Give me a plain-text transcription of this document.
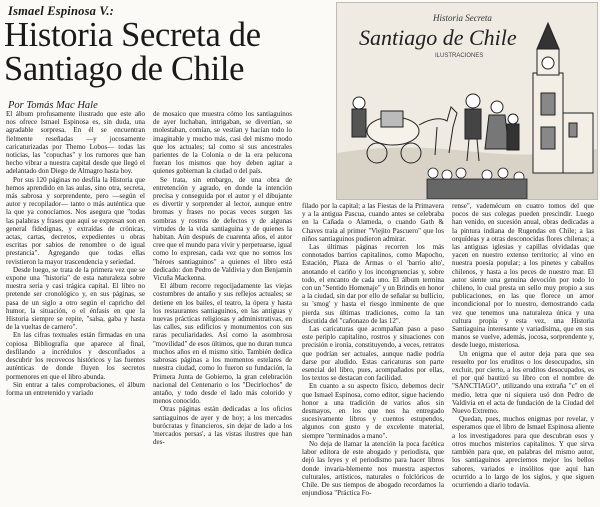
Ismael Espinosa V.:
Historia Secreta de Santiago de Chile
Por Tomás Mac Hale
Historia Secreta
Santiago de Chile
ILUSTRACIONES

El álbum profusamente ilustrado que este año nos ofrece Ismael Espinosa es, sin duda, una agradable sorpresa. En él se encuentran fielmente reseñadas —y jocosamente caricaturizadas por Themo Lobos— todas las noticias, las "copuchas" y los rumores que han hecho vibrar a nuestra capital desde que llegó el adelantado don Diego de Almagro hasta hoy.

Por sus 120 páginas no desfila la Historia que hemos aprendido en las aulas, sino otra, secreta, más sabrosa y sorprendente, pero —según el autor y recopilador— tanto o más auténtica que la que ya conocíamos. Nos asegura que "todas las palabras y frases que aquí se expresan son en general fidedignas, y extraídas de crónicas, actas, cartas, decretos, expedientes u obras escritas por sabios de renombre o de igual prestancia". Agregando que todas ellas revistieron la mayor trascendencia y seriedad.

Desde luego, se trata de la primera vez que se expone una "historia" de esta naturaleza sobre nuestra seria y casi trágica capital. El libro no pretende ser cronológico y, en sus páginas, se pasa de un siglo a otro según el capricho del humor, la situación, o el énfasis en que la Historia siempre se repite, "salsa, gaba y hasta de la vueltas de carnero".

En las cifras textuales están firmadas en una copiosa Bibliografía que aparece al final, desfilando a incrédulos y desconfiados a descubrir los recovecos históricos y las fuentes auténticas de donde fluyen los secretos pormenores en que el libro abunda.

Sin entrar a tales comprobaciones, el álbum forma un entretenido y variado

de mosaico que muestra cómo los santiaguinos de ayer luchaban, intrigaban, se divertían, se molestaban, comían, se vestían y hacían todo lo imaginable y mucho más, casi del mismo modo que los actuales; tal como si sus ancestrales parientes de la Colonia o de la era pelucona fueran los mismos que hoy deben agitar a quienes gobiernan la ciudad o del país.

Se trata, sin embargo, de una obra de entretención y agrado, en donde la intención precisa y conseguida por el autor y el dibujante es divertir y sorprender al lector, aunque entre bromas y frases no pocas veces surgen las sombras y rostros de defectos y de algunas virtudes de la vida santiaguina y de quienes la habitan. Aún después de cuarenta años, el autor cree que el mundo para vivir y perpetuarse, igual como lo expresan, cada vez que no somos los "héroes santiaguinos" a quienes el libro está dedicado: don Pedro de Valdivia y don Benjamín Vicuña Mackenna.

El álbum recorre regocijadamente las viejas costumbres de antaño y sus reflejos actuales; se detiene en los bailes, el teatro, la ópera y hasta los restaurantes santiaguinos, en las antiguas y nuevas prácticas religiosas y administrativas, en las calles, sus edificios y monumentos con sus raras peculiaridades. Así como la asombrosa "movilidad" de esos últimos, que no duran nunca muchos años en el mismo sitio. También dedica sabrosas páginas a los momentos estelares de nuestra ciudad, como lo fueron su fundación, la Primera Junta de Gobierno, la gran celebración nacional del Centenario o los "Decirlochos" de antaño, y todo desde el lado más colorido y menos conocido.

Otras páginas están dedicadas a los oficios santiaguinos de ayer y de hoy; a los mercados burócratas y financieros, sin dejar de lado a los 'mercados persas', a las vistas ilustres que han des-

filado por la capital; a las Fiestas de la Primavera y a la antigua Pascua, cuando antes se celebraba en la Cañada o Alameda, o cuando Gath & Chaves traía al primer "Viejito Pascuero" que los niños santiaguinos pudieron admirar.

Las últimas páginas recorren los más connotados barrios capitalinos, como Mapocho, Estación, Plaza de Armas o el 'barrio alto', anotando el cariño y los incongruencias y, sobre todo, el encanto de cada uno. El álbum termina con un "Sentido Homenaje" y un Brindis en honor a la ciudad, sin dar por ello de señalar su bullicio, su 'smog' y hasta el riesgo inminente de que pierda sus últimas tradiciones, como la tan discutida del "cañonazo de las 12".

Las caricaturas que acompañan paso a paso este periplo capitalino, rostros y situaciones con precisión e ironía, constituyendo, a veces, retratos que podrían ser actuales, aunque nadie podría darse por aludido. Estas caricaturas son parte esencial del libro, pues, acompañados por ellas, los textos se destacan con facilidad.

En cuanto a su aspecto físico, debemos decir que Ismael Espinosa, como editor, sigue haciendo honor a una tradición de varios años sin desmayos, en los que nos ha entregado sucesivamente libros y cuentos estupendos, algunos con gusto y de excelente material, siempre "terminados a mano".

No deja de llamar la atención la poca facética labor editora de este abogado y periodista, que dejó las leyes y el periodismo para hacer libros donde invaria-blemente nos muestra aspectos culturales, artísticos, naturales o folclóricos de Chile. De sus tiempos de abogado recordamos la enjundiosa "Práctica Fo-

rense", vademécum en cuatro tomos del que pocos de sus colegas pueden prescindir. Luego han venido, en sucesión anual, obras dedicadas a la pintura indiana de Rugendas en Chile; a las orquídeas y a otras desconocidas flores chilenas; a las antiguas iglesias y capillas olvidadas que yacen en nuestro extenso territorio; al vino en nuestra poesía popular; a los pinetes y caballos chilenos, y hasta a los peces de nuestro mar. El autor siente una genuina devoción por todo lo chileno, lo cual presta un sello muy propio a sus publicaciones, en las que florece un amor incondicional por lo nuestro, demostrando cada vez que tenemos una naturaleza única y una cultura propia y esta vez, una Historia Santiaguina interesante y variadísima, que en sus manos se vuelve, además, jocosa, sorprendente y, desde luego, misteriosa.

Un enigma que el autor deja para que sea resuelto por los eruditos o los desocupados, sin excluir, por cierto, a los eruditos desocupados, es el por qué bautizó su libro con el nombre de "SANCTIAGO", utilizando una extraña "c" en el medio, letra que ni siquiera usó don Pedro de Valdivia en el acta de fundación de la Ciudad del Nuevo Extremo.

Quedan, pues, muchos enigmas por revelar, y esperamos que el libro de Ismael Espinosa aliente a los investigadores para que descubran esos y otros muchos misterios capitalinos. Y que sirva también para que, en palabras del mismo autor, los santiaguinos apreciemos mejor los bellos sabores, variados e insólitos que aquí han ocurrido a lo largo de los siglos, y que siguen ocurriendo a diario todavía.
